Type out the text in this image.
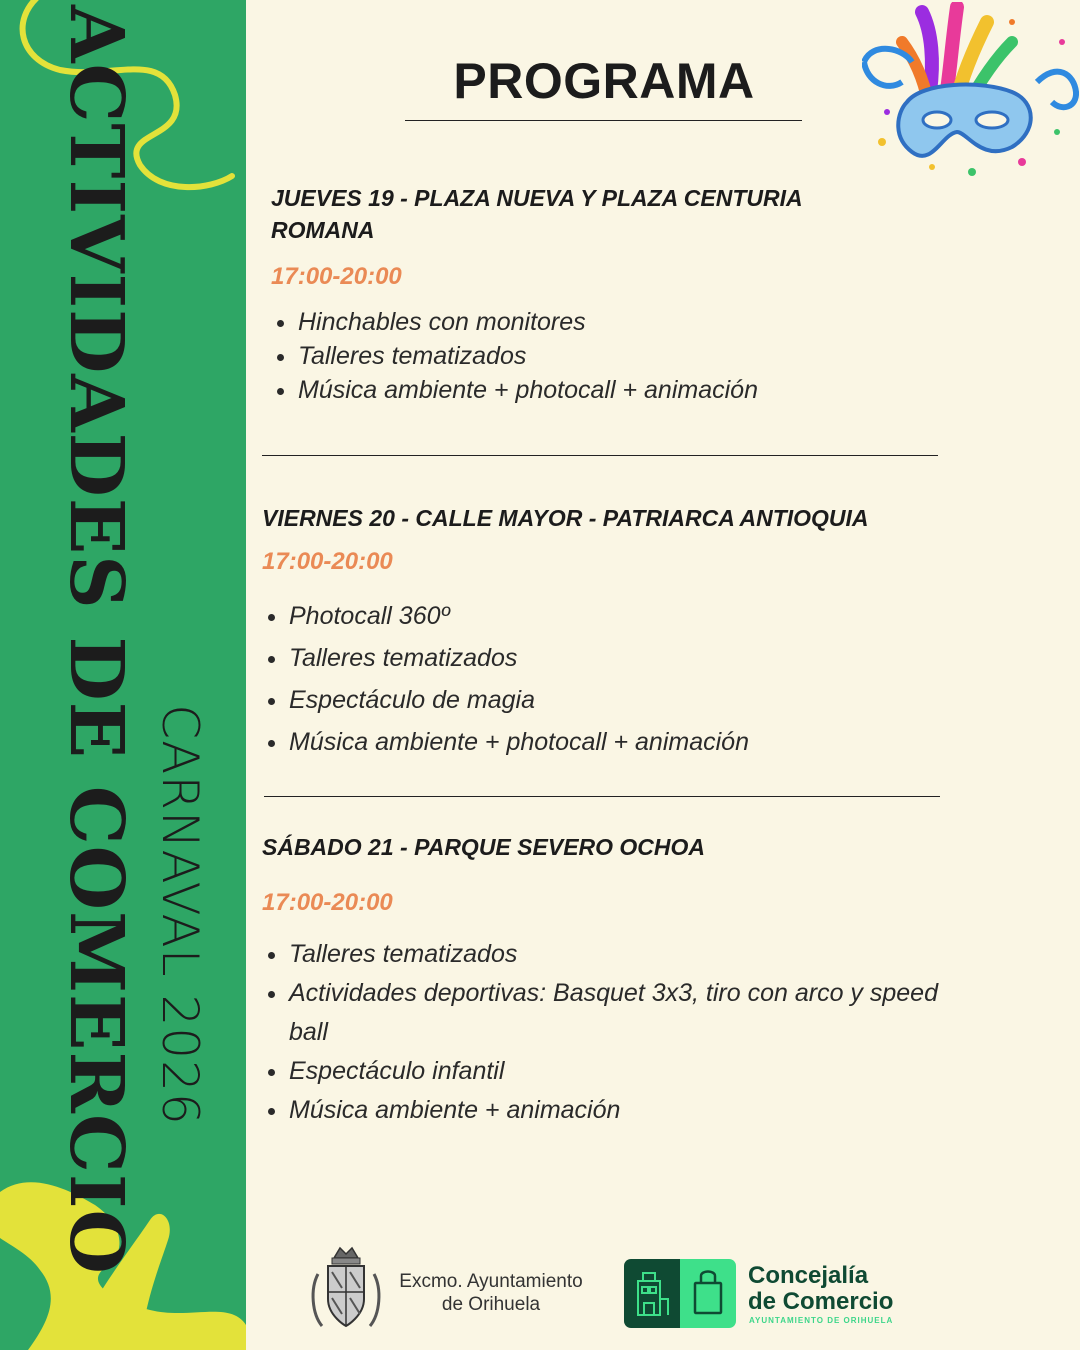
ACTIVIDADES DE COMERCIO CARNAVAL 2026
PROGRAMA
JUEVES 19 - PLAZA NUEVA Y PLAZA CENTURIA ROMANA
17:00-20:00
• Hinchables con monitores
• Talleres tematizados
• Música ambiente + photocall + animación
VIERNES 20 - CALLE MAYOR - PATRIARCA ANTIOQUIA
17:00-20:00
• Photocall 360º
• Talleres tematizados
• Espectáculo de magia
• Música ambiente + photocall + animación
SÁBADO 21 - PARQUE SEVERO OCHOA
17:00-20:00
• Talleres tematizados
• Actividades deportivas: Basquet 3x3, tiro con arco y speed ball
• Espectáculo infantil
• Música ambiente + animación
Excmo. Ayuntamiento
de Orihuela
Concejalía
de Comercio
AYUNTAMIENTO DE ORIHUELA
